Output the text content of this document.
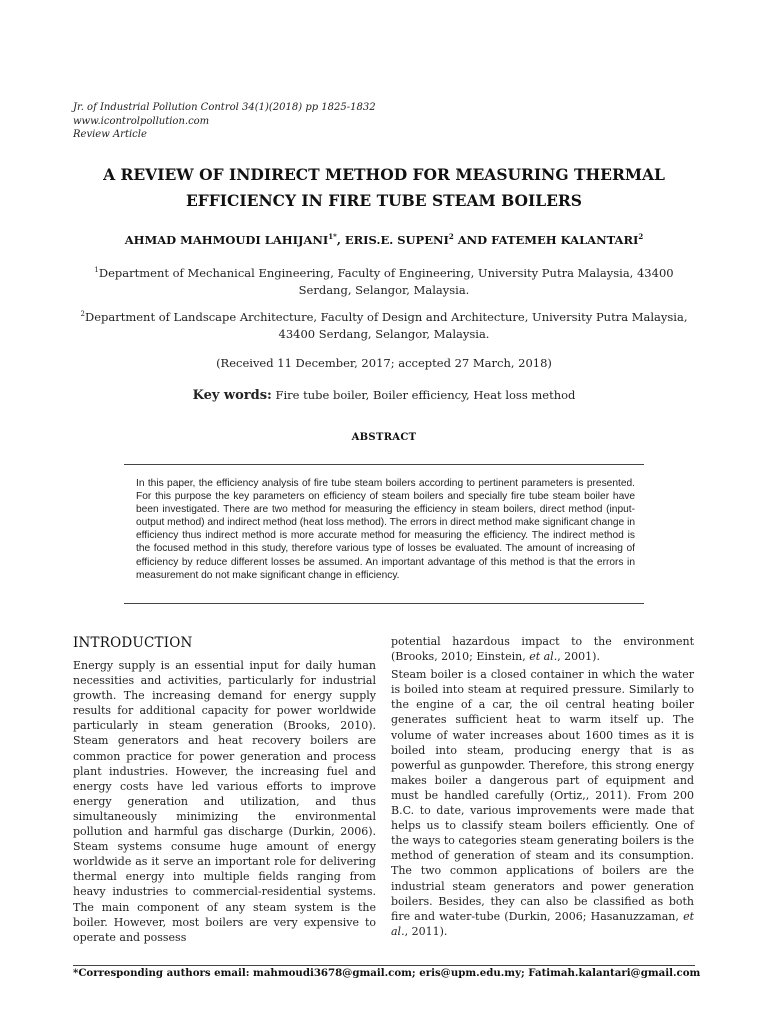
Jr. of Industrial Pollution Control 34(1)(2018) pp 1825-1832
www.icontrolpollution.com
Review Article
A REVIEW OF INDIRECT METHOD FOR MEASURING THERMAL
EFFICIENCY IN FIRE TUBE STEAM BOILERS
AHMAD MAHMOUDI $LAHIJANI^{1*}$, ERIS.E. SUPENI$^2$ AND FATEMEH KALANTARI$^2$
$^1$Department of Mechanical Engineering, Faculty of Engineering, University Putra Malaysia, 43400 Serdang, Selangor, Malaysia.
$^2$Department of Landscape Architecture, Faculty of Design and Architecture, University Putra Malaysia, 43400 Serdang, Selangor, Malaysia.
(Received 11 December, 2017; accepted 27 March, 2018)
Key words: Fire tube boiler, Boiler efficiency, Heat loss method
ABSTRACT
In this paper, the efficiency analysis of fire tube steam boilers according to pertinent parameters is presented. For this purpose the key parameters on efficiency of steam boilers and specially fire tube steam boiler have been investigated. There are two method for measuring the efficiency in steam boilers, direct method (input-output method) and indirect method (heat loss method). The errors in direct method make significant change in efficiency thus indirect method is more accurate method for measuring the efficiency. The indirect method is the focused method in this study, therefore various type of losses be evaluated. The amount of increasing of efficiency by reduce different losses be assumed. An important advantage of this method is that the errors in measurement do not make significant change in efficiency.
INTRODUCTION

Energy supply is an essential input for daily human necessities and activities, particularly for industrial growth. The increasing demand for energy supply results for additional capacity for power worldwide particularly in steam generation (Brooks, 2010). Steam generators and heat recovery boilers are common practice for power generation and process plant industries. However, the increasing fuel and energy costs have led various efforts to improve energy generation and utilization, and thus simultaneously minimizing the environmental pollution and harmful gas discharge (Durkin, 2006). Steam systems consume huge amount of energy worldwide as it serve an important role for delivering thermal energy into multiple fields ranging from heavy industries to commercial-residential systems. The main component of any steam system is the boiler. However, most boilers are very expensive to operate and possess

potential hazardous impact to the environment (Brooks, 2010; Einstein, et al., 2001).

Steam boiler is a closed container in which the water is boiled into steam at required pressure. Similarly to the engine of a car, the oil central heating boiler generates sufficient heat to warm itself up. The volume of water increases about 1600 times as it is boiled into steam, producing energy that is as powerful as gunpowder. Therefore, this strong energy makes boiler a dangerous part of equipment and must be handled carefully (Ortiz,, 2011). From 200 B.C. to date, various improvements were made that helps us to classify steam boilers efficiently. One of the ways to categories steam generating boilers is the method of generation of steam and its consumption. The two common applications of boilers are the industrial steam generators and power generation boilers. Besides, they can also be classified as both fire and water-tube (Durkin, 2006; Hasanuzzaman, et al., 2011).

*Corresponding authors email: mahmoudi3678@gmail.com; eris@upm.edu.my; Fatimah.kalantari@gmail.com
